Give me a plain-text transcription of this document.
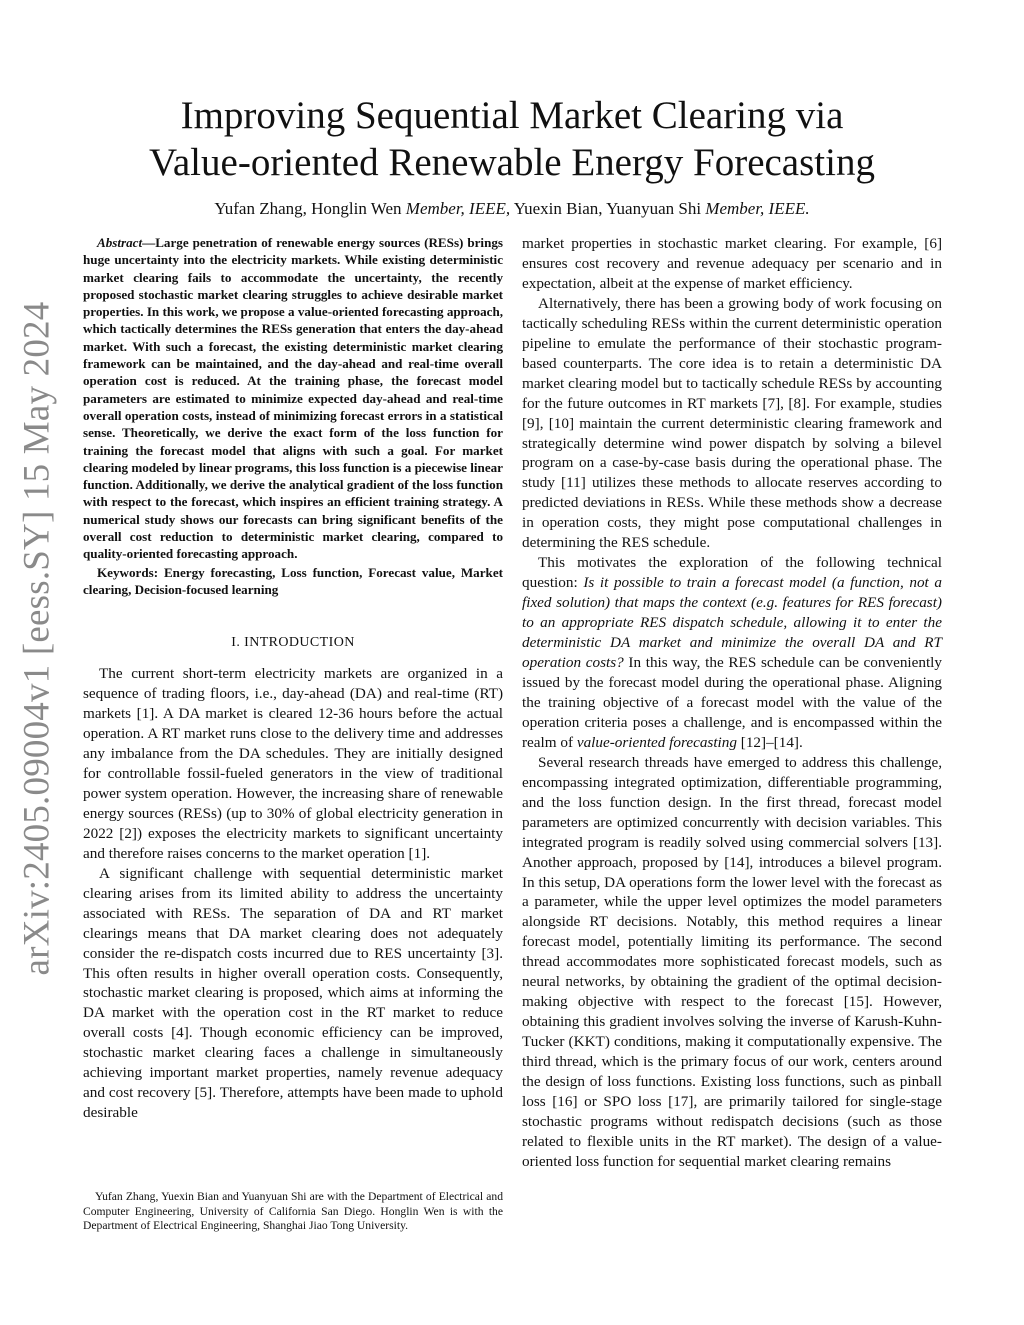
arXiv:2405.09004v1 [eess.SY] 15 May 2024
Improving Sequential Market Clearing via
Value-oriented Renewable Energy Forecasting
Yufan Zhang, Honglin Wen Member, IEEE, Yuexin Bian, Yuanyuan Shi Member, IEEE.

Abstract—Large penetration of renewable energy sources (RESs) brings huge uncertainty into the electricity markets. While existing deterministic market clearing fails to accommodate the uncertainty, the recently proposed stochastic market clearing struggles to achieve desirable market properties. In this work, we propose a value-oriented forecasting approach, which tactically determines the RESs generation that enters the day-ahead market. With such a forecast, the existing deterministic market clearing framework can be maintained, and the day-ahead and real-time overall operation cost is reduced. At the training phase, the forecast model parameters are estimated to minimize expected day-ahead and real-time overall operation costs, instead of minimizing forecast errors in a statistical sense. Theoretically, we derive the exact form of the loss function for training the forecast model that aligns with such a goal. For market clearing modeled by linear programs, this loss function is a piecewise linear function. Additionally, we derive the analytical gradient of the loss function with respect to the forecast, which inspires an efficient training strategy. A numerical study shows our forecasts can bring significant benefits of the overall cost reduction to deterministic market clearing, compared to quality-oriented forecasting approach.

Keywords: Energy forecasting, Loss function, Forecast value, Market clearing, Decision-focused learning

I. INTRODUCTION

The current short-term electricity markets are organized in a sequence of trading floors, i.e., day-ahead (DA) and real-time (RT) markets [1]. A DA market is cleared 12-36 hours before the actual operation. A RT market runs close to the delivery time and addresses any imbalance from the DA schedules. They are initially designed for controllable fossil-fueled generators in the view of traditional power system operation. However, the increasing share of renewable energy sources (RESs) (up to 30% of global electricity generation in 2022 [2]) exposes the electricity markets to significant uncertainty and therefore raises concerns to the market operation [1].

A significant challenge with sequential deterministic market clearing arises from its limited ability to address the uncertainty associated with RESs. The separation of DA and RT market clearings means that DA market clearing does not adequately consider the re-dispatch costs incurred due to RES uncertainty [3]. This often results in higher overall operation costs. Consequently, stochastic market clearing is proposed, which aims at informing the DA market with the operation cost in the RT market to reduce overall costs [4]. Though economic efficiency can be improved, stochastic market clearing faces a challenge in simultaneously achieving important market properties, namely revenue adequacy and cost recovery [5]. Therefore, attempts have been made to uphold desirable

Yufan Zhang, Yuexin Bian and Yuanyuan Shi are with the Department of Electrical and Computer Engineering, University of California San Diego. Honglin Wen is with the Department of Electrical Engineering, Shanghai Jiao Tong University.

market properties in stochastic market clearing. For example, [6] ensures cost recovery and revenue adequacy per scenario and in expectation, albeit at the expense of market efficiency.

Alternatively, there has been a growing body of work focusing on tactically scheduling RESs within the current deterministic operation pipeline to emulate the performance of their stochastic program-based counterparts. The core idea is to retain a deterministic DA market clearing model but to tactically schedule RESs by accounting for the future outcomes in RT markets [7], [8]. For example, studies [9], [10] maintain the current deterministic clearing framework and strategically determine wind power dispatch by solving a bilevel program on a case-by-case basis during the operational phase. The study [11] utilizes these methods to allocate reserves according to predicted deviations in RESs. While these methods show a decrease in operation costs, they might pose computational challenges in determining the RES schedule.

This motivates the exploration of the following technical question: Is it possible to train a forecast model (a function, not a fixed solution) that maps the context (e.g. features for RES forecast) to an appropriate RES dispatch schedule, allowing it to enter the deterministic DA market and minimize the overall DA and RT operation costs? In this way, the RES schedule can be conveniently issued by the forecast model during the operational phase. Aligning the training objective of a forecast model with the value of the operation criteria poses a challenge, and is encompassed within the realm of value-oriented forecasting [12]–[14].

Several research threads have emerged to address this challenge, encompassing integrated optimization, differentiable programming, and the loss function design. In the first thread, forecast model parameters are optimized concurrently with decision variables. This integrated program is readily solved using commercial solvers [13]. Another approach, proposed by [14], introduces a bilevel program. In this setup, DA operations form the lower level with the forecast as a parameter, while the upper level optimizes the model parameters alongside RT decisions. Notably, this method requires a linear forecast model, potentially limiting its performance. The second thread accommodates more sophisticated forecast models, such as neural networks, by obtaining the gradient of the optimal decision-making objective with respect to the forecast [15]. However, obtaining this gradient involves solving the inverse of Karush-Kuhn-Tucker (KKT) conditions, making it computationally expensive. The third thread, which is the primary focus of our work, centers around the design of loss functions. Existing loss functions, such as pinball loss [16] or SPO loss [17], are primarily tailored for single-stage stochastic programs without redispatch decisions (such as those related to flexible units in the RT market). The design of a value-oriented loss function for sequential market clearing remains
